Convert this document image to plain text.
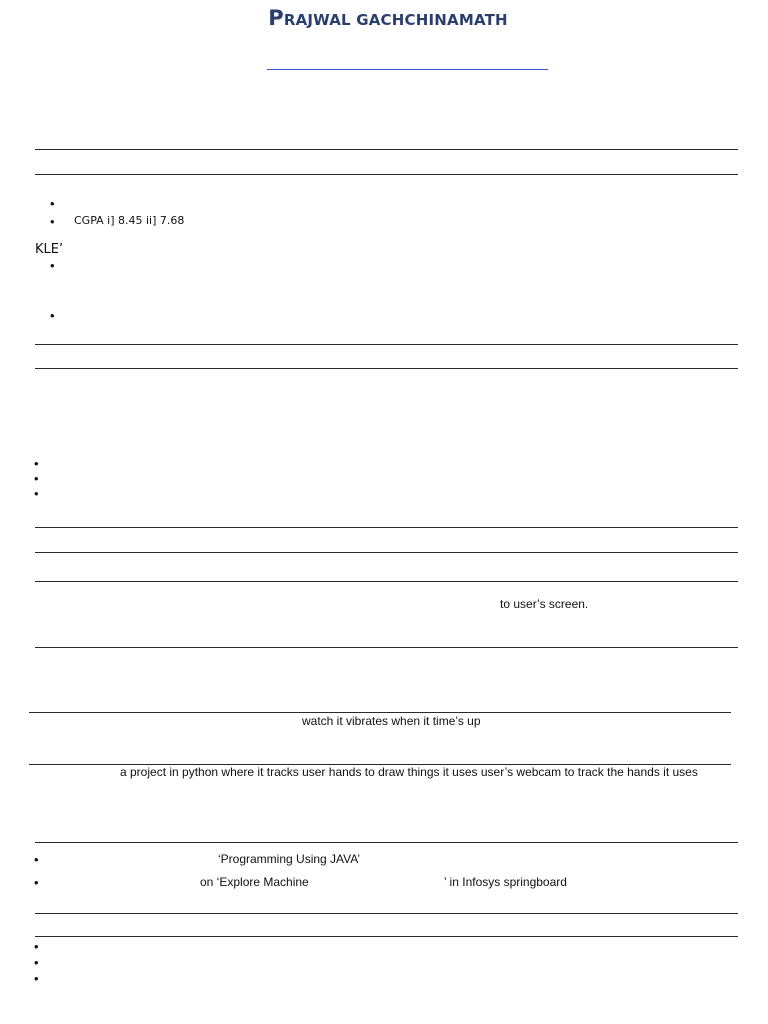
PRAJWAL GACHCHINAMATH
•
• CGPA i] 8.45 ii] 7.68
KLE’
•
•
•
•
•
to user’s screen.
watch it vibrates when it time’s up
a project in python where it tracks user hands to draw things it uses user’s webcam to track the hands it uses
•	‘Programming Using JAVA’
•	on ‘Explore Machine	’ in Infosys springboard
•
•
•
